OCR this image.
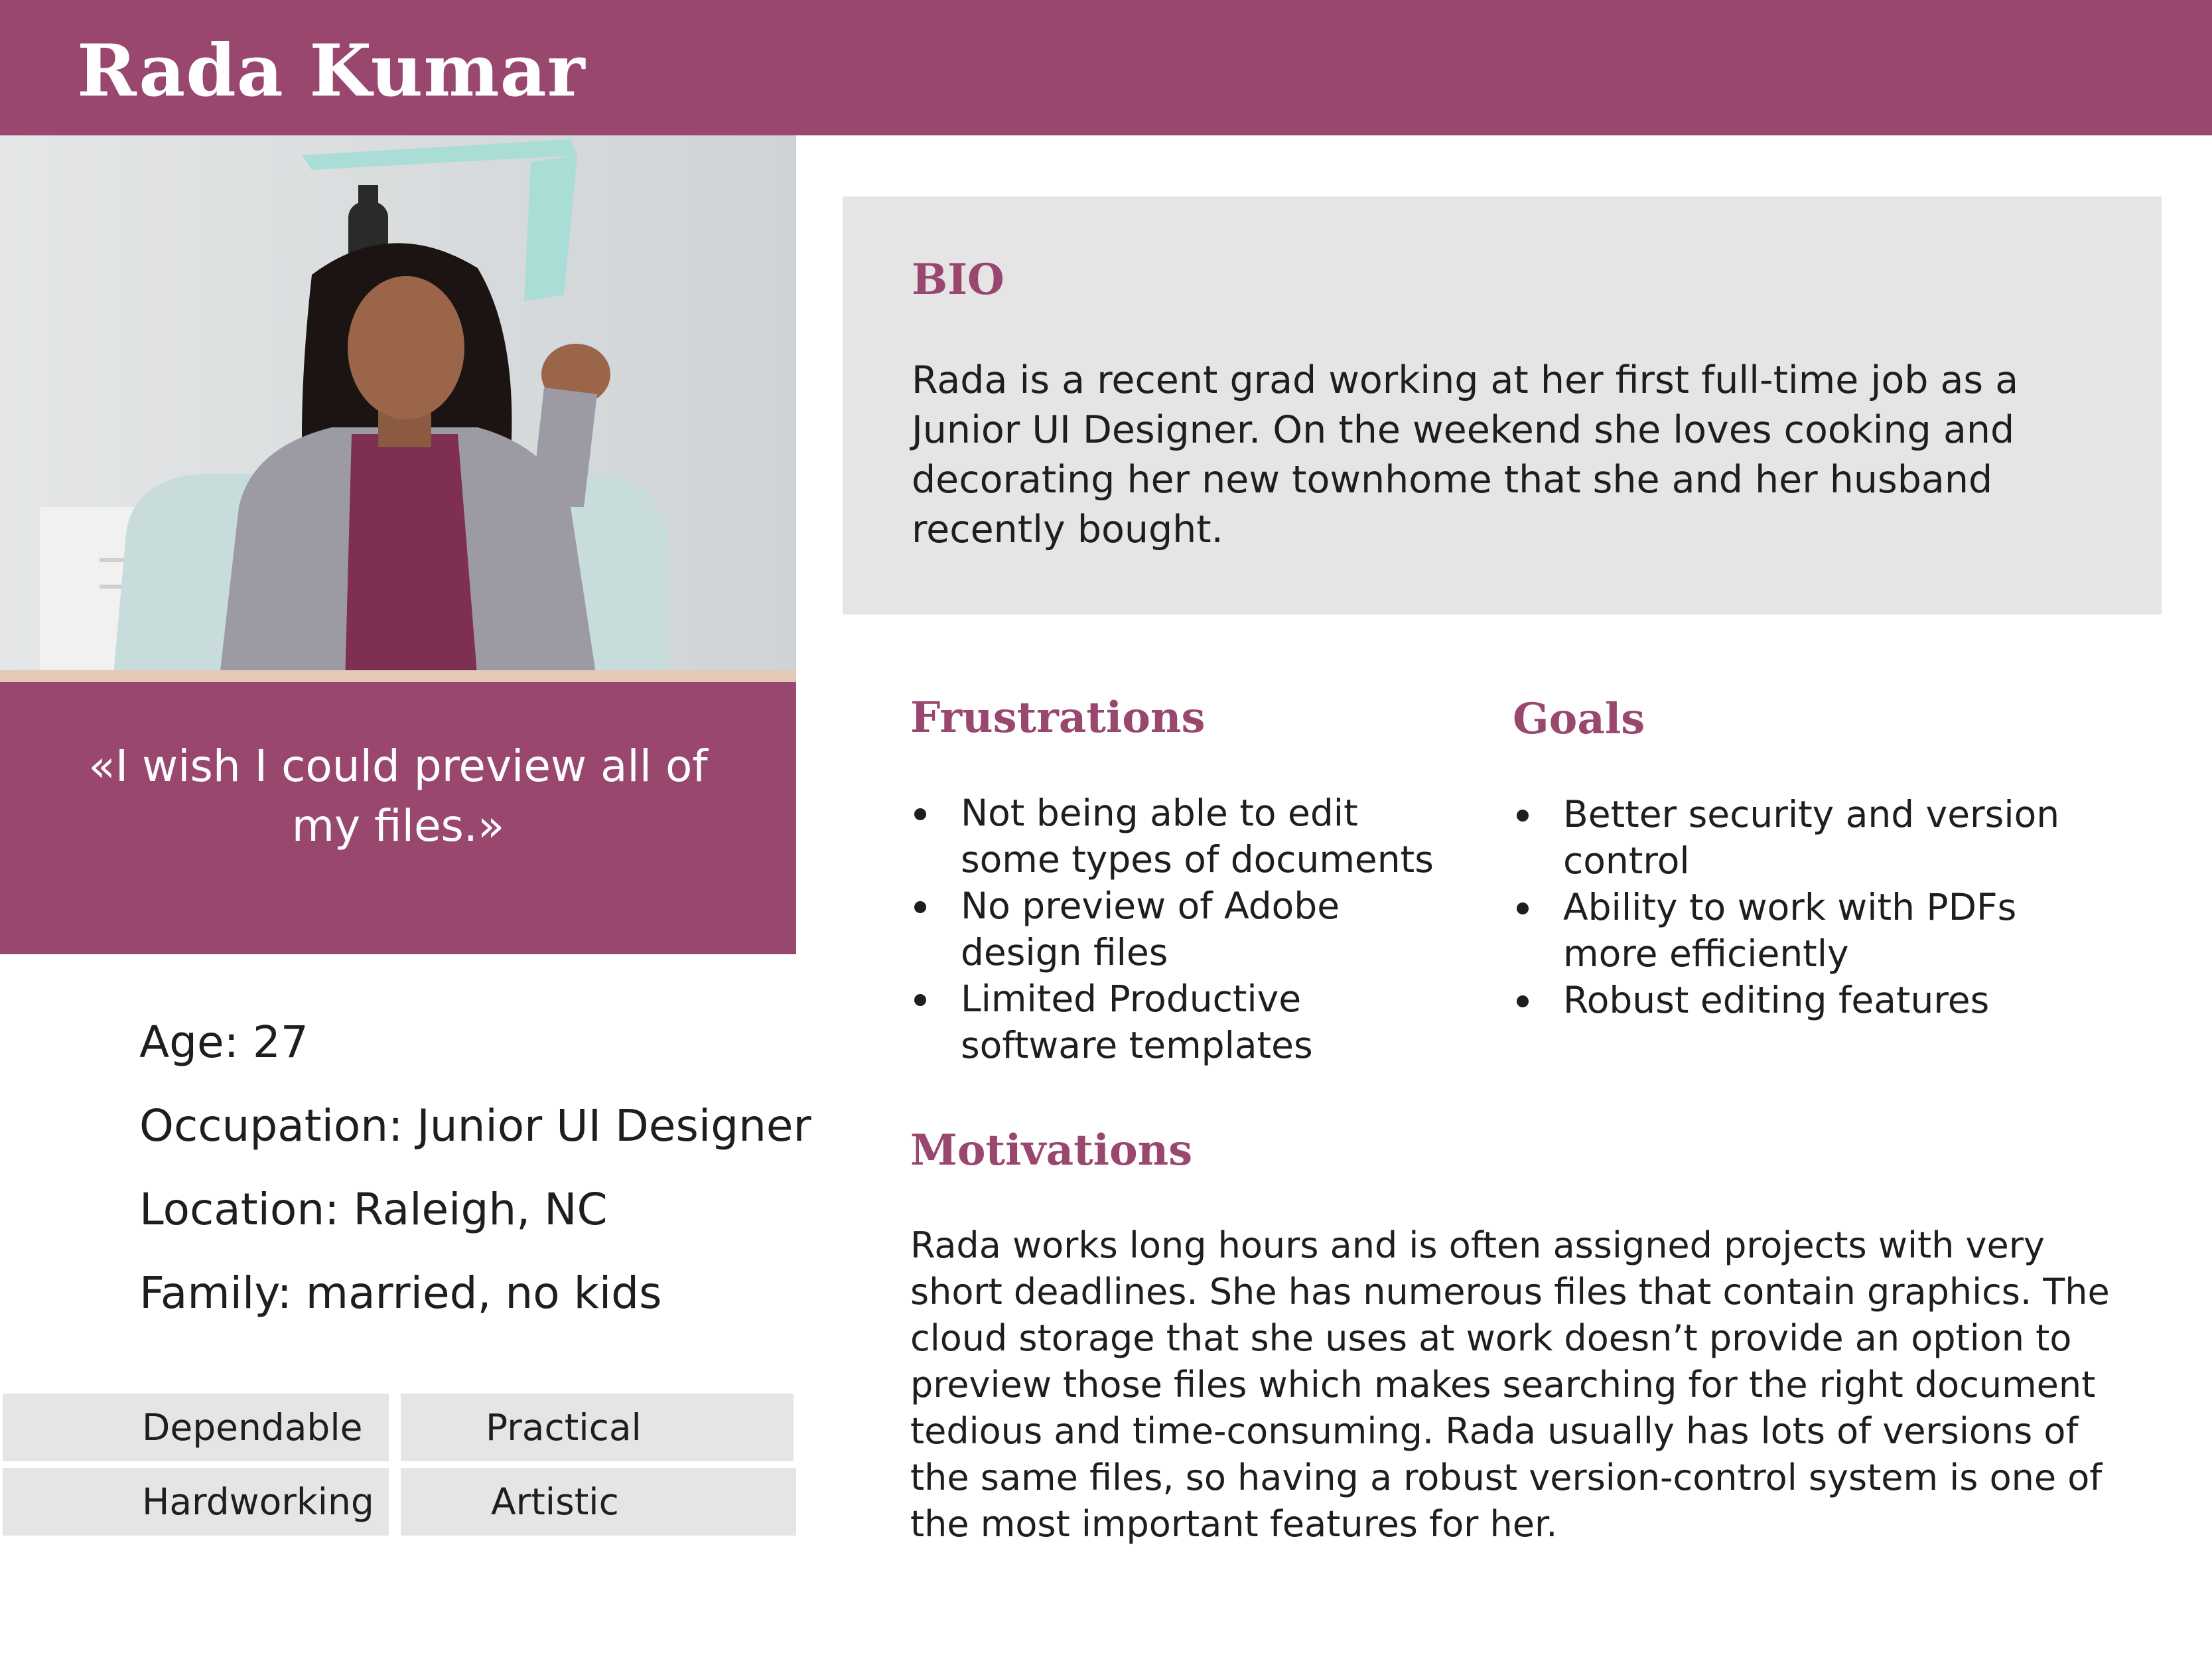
Rada Kumar
«I wish I could preview all of my files.»
Age: 27
Occupation: Junior UI Designer
Location: Raleigh, NC
Family: married, no kids
Dependable	Practical
Hardworking	Artistic
BIO

Rada is a recent grad working at her first full-time job as a Junior UI Designer. On the weekend she loves cooking and decorating her new townhome that she and her husband recently bought.

Frustrations
Not being able to edit some types of documents
No preview of Adobe design files
Limited Productive software templates
Goals
Better security and version control
Ability to work with PDFs more efficiently
Robust editing features
Motivations

Rada works long hours and is often assigned projects with very short deadlines. She has numerous files that contain graphics. The cloud storage that she uses at work doesn’t provide an option to preview those files which makes searching for the right document tedious and time-consuming. Rada usually has lots of versions of the same files, so having a robust version-control system is one of the most important features for her.
